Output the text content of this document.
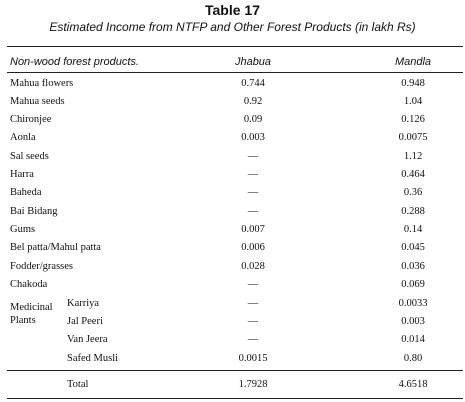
Table 17
Estimated Income from NTFP and Other Forest Products (in lakh Rs)
Non-wood forest products.	Jhabua	Mandla
Mahua flowers	0.744	0.948
Mahua seeds	0.92	1.04
Chironjee	0.09	0.126
Aonla	0.003	0.0075
Sal seeds	—	1.12
Harra	—	0.464
Baheda	—	0.36
Bai Bidang	—	0.288
Gums	0.007	0.14
Bel patta/Mahul patta	0.006	0.045
Fodder/grasses	0.028	0.036
Chakoda	—	0.069
Medicinal
Plants
Karriya	—	0.0033
Jal Peeri	—	0.003
Van Jeera	—	0.014
Safed Musli	0.0015	0.80
Total	1.7928	4.6518
